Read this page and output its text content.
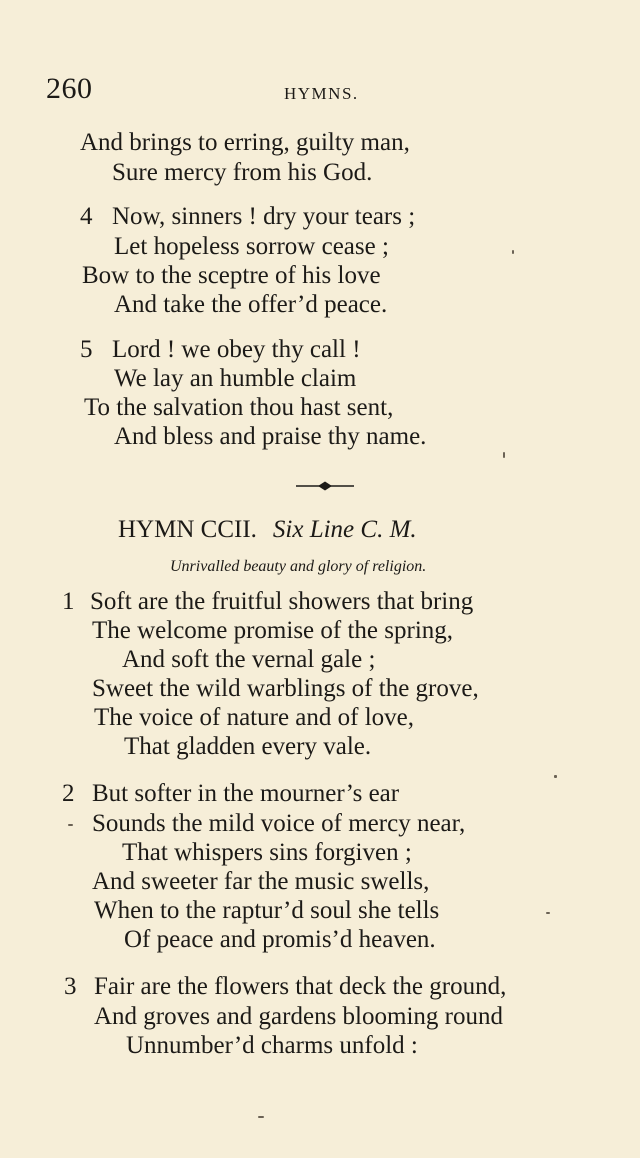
260	HYMNS.
And brings to erring, guilty man,
Sure mercy from his God.
4 Now, sinners ! dry your tears ;
Let hopeless sorrow cease ;
Bow to the sceptre of his love
And take the offer’d peace.
5 Lord ! we obey thy call !
We lay an humble claim
To the salvation thou hast sent,
And bless and praise thy name.
HYMN CCII. Six Line C. M.
Unrivalled beauty and glory of religion.
1 Soft are the fruitful showers that bring
The welcome promise of the spring,
And soft the vernal gale ;
Sweet the wild warblings of the grove,
The voice of nature and of love,
That gladden every vale.
2 But softer in the mourner’s ear
Sounds the mild voice of mercy near,
That whispers sins forgiven ;
And sweeter far the music swells,
When to the raptur’d soul she tells
Of peace and promis’d heaven.
3 Fair are the flowers that deck the ground,
And groves and gardens blooming round
Unnumber’d charms unfold :
